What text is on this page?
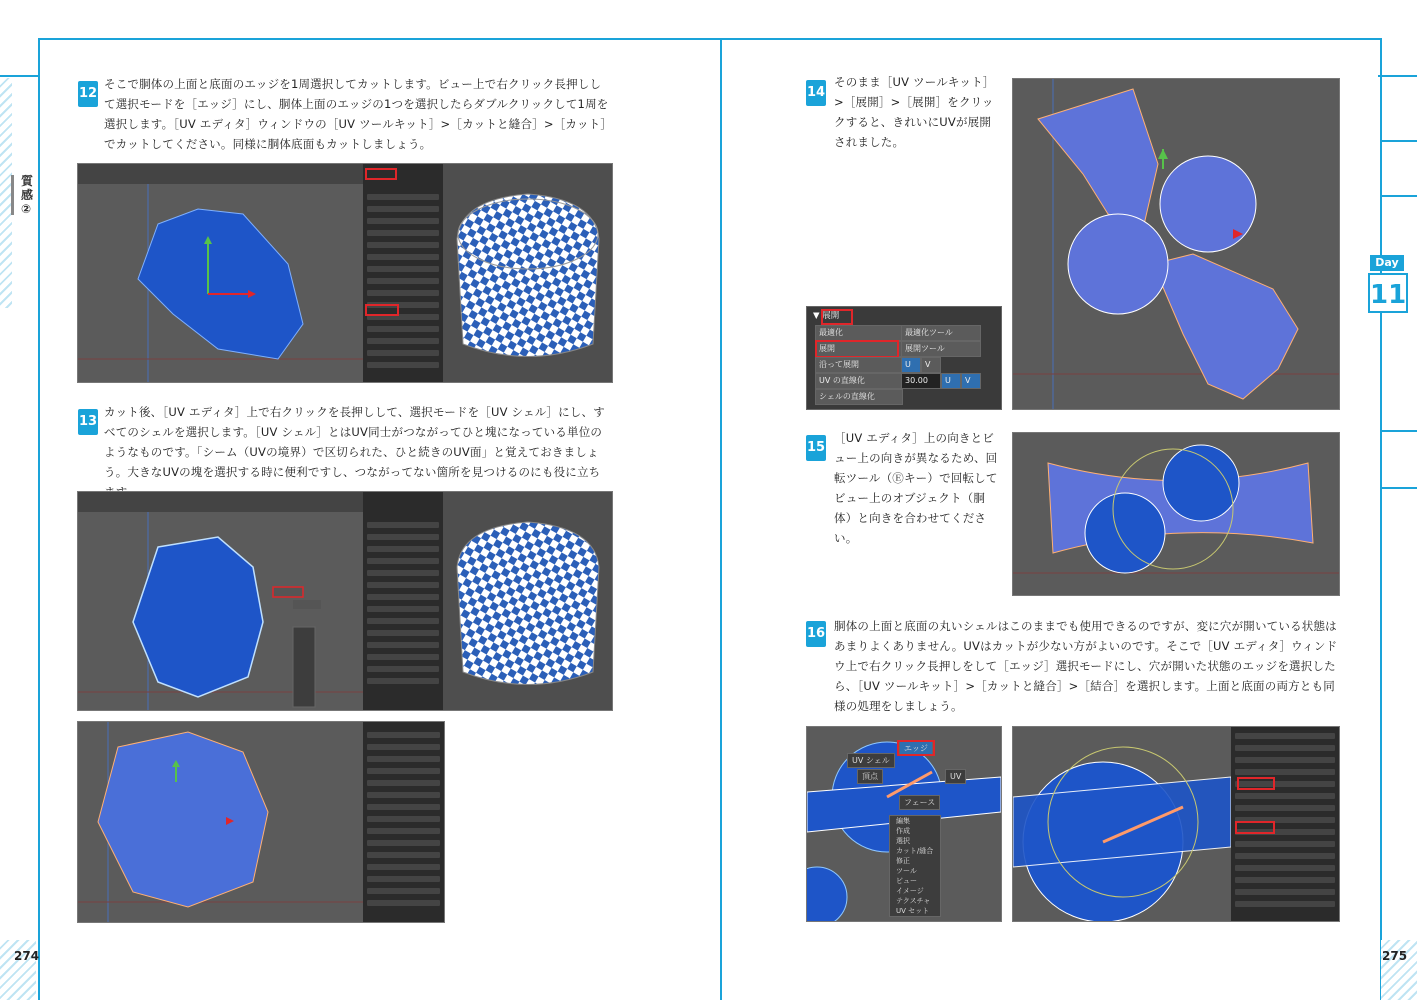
質感②
Day
11
274	275
12
そこで胴体の上面と底面のエッジを1周選択してカットします。ビュー上で右クリック長押しして選択モードを［エッジ］にし、胴体上面のエッジの1つを選択したらダブルクリックして1周を選択します。［UV エディタ］ウィンドウの［UV ツールキット］>［カットと縫合］>［カット］でカットしてください。同様に胴体底面もカットしましょう。
13
カット後、［UV エディタ］上で右クリックを長押しして、選択モードを［UV シェル］にし、すべてのシェルを選択します。［UV シェル］とはUV同士がつながってひと塊になっている単位のようなものです。「シーム（UVの境界）で区切られた、ひと続きのUV面」と覚えておきましょう。大きなUVの塊を選択する時に便利ですし、つながってない箇所を見つけるのにも役に立ち
14
そのまま［UV ツールキット］>［展開］>［展開］をクリックすると、きれいにUVが展開されました。
▼ 展開
最適化	最適化ツール
展開	展開ツール
沿って展開	U	V
UV の直線化	30.00	U	V
シェルの直線化
15
［UV エディタ］上の向きとビュー上の向きが異なるため、回転ツール（Ⓔキー）で回転してビュー上のオブジェクト（胴体）と向きを合わせてください。
16 胴体の上面と底面の丸いシェルはこのままでも使用できるのですが、変に穴が開いている状態はあまりよくありません。UVはカットが少ない方がよいのです。そこで［UV エディタ］ウィンドウ上で右クリック長押しをして［エッジ］選択モードにし、穴が開いた状態のエッジを選択したら、［UV ツールキット］>［カットと縫合］>［結合］を選択します。上面と底面の両方とも同様の処理をしましょう。
エッジ
UV シェル
頂点	UV
フェース
編集
作成
選択
カット/縫合
修正
ツール
ビュー
イメージ
テクスチャ
UV セット
